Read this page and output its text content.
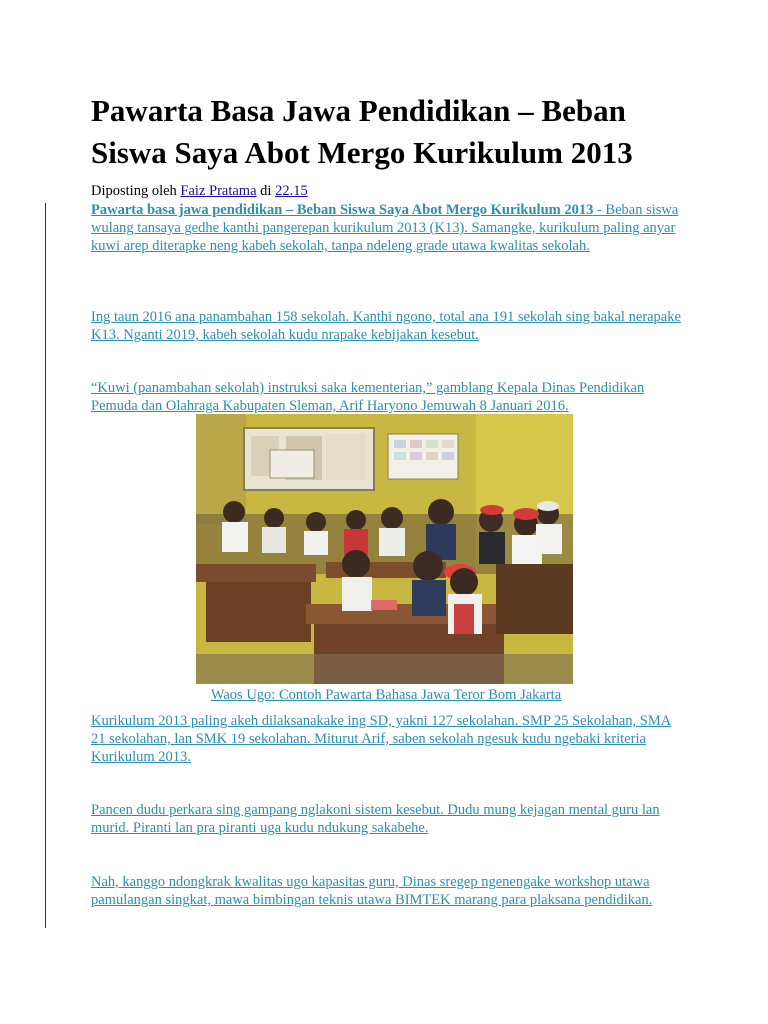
Pawarta Basa Jawa Pendidikan – Beban Siswa Saya Abot Mergo Kurikulum 2013
Diposting oleh Faiz Pratama di 22.15

Pawarta basa jawa pendidikan – Beban Siswa Saya Abot Mergo Kurikulum 2013 - Beban siswa wulang tansaya gedhe kanthi pangerepan kurikulum 2013 (K13). Samangke, kurikulum paling anyar kuwi arep diterapke neng kabeh sekolah, tanpa ndeleng grade utawa kwalitas sekolah.

Ing taun 2016 ana panambahan 158 sekolah. Kanthi ngono, total ana 191 sekolah sing bakal nerapake K13. Nganti 2019, kabeh sekolah kudu nrapake kebijakan kesebut.

“Kuwi (panambahan sekolah) instruksi saka kementerian,” gamblang Kepala Dinas Pendidikan Pemuda dan Olahraga Kabupaten Sleman, Arif Haryono Jemuwah 8 Januari 2016.

Waos Ugo: Contoh Pawarta Bahasa Jawa Teror Bom Jakarta

Kurikulum 2013 paling akeh dilaksanakake ing SD, yakni 127 sekolahan. SMP 25 Sekolahan, SMA 21 sekolahan, lan SMK 19 sekolahan. Miturut Arif, saben sekolah ngesuk kudu ngebaki kriteria Kurikulum 2013.

Pancen dudu perkara sing gampang nglakoni sistem kesebut. Dudu mung kejagan mental guru lan murid. Piranti lan pra piranti uga kudu ndukung sakabehe.

Nah, kanggo ndongkrak kwalitas ugo kapasitas guru, Dinas sregep ngenengake workshop utawa pamulangan singkat, mawa bimbingan teknis utawa BIMTEK marang para plaksana pendidikan.
